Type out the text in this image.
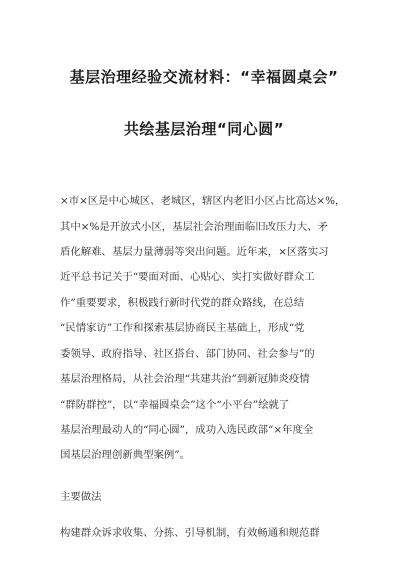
基层治理经验交流材料：“幸福圆桌会”
共绘基层治理“同心圆”
×市×区是中心城区、老城区，辖区内老旧小区占比高达×%，
其中×%是开放式小区，基层社会治理面临旧改压力大、矛
盾化解难、基层力量薄弱等突出问题。近年来，×区落实习
近平总书记关于“要面对面、心贴心、实打实做好群众工
作”重要要求，积极践行新时代党的群众路线，在总结
“民情家访”工作和探索基层协商民主基础上，形成“党
委领导、政府指导、社区搭台、部门协同、社会参与”的
基层治理格局，从社会治理“共建共治”到新冠肺炎疫情
“群防群控”，以“幸福圆桌会”这个“小平台”绘就了
基层治理最动人的“同心圆”，成功入选民政部“×年度全
国基层治理创新典型案例”。
主要做法
构建群众诉求收集、分拣、引导机制，有效畅通和规范群
